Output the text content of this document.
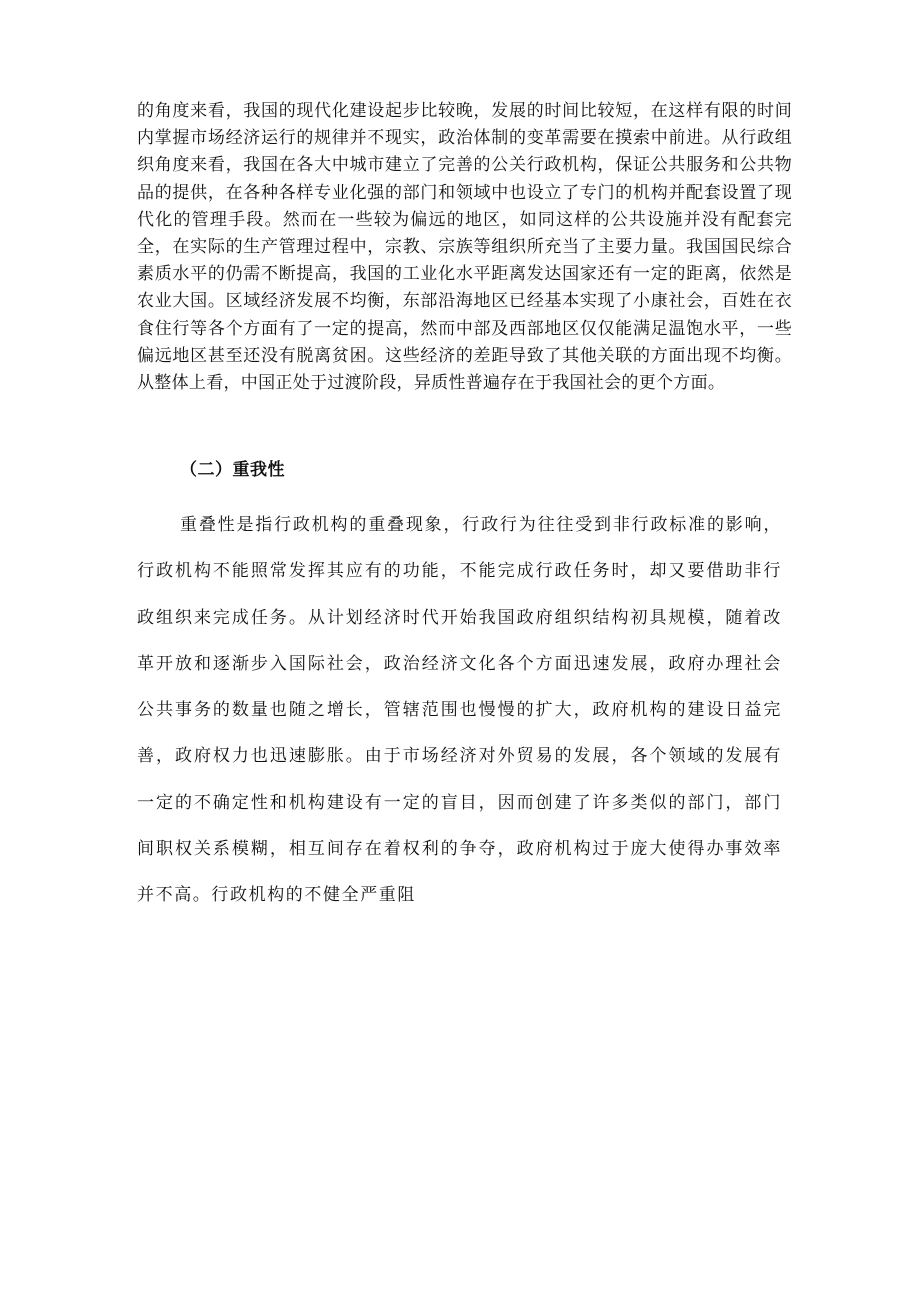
的角度来看，我国的现代化建设起步比较晚，发展的时间比较短，在这样有限的时间内掌握市场经济运行的规律并不现实，政治体制的变革需要在摸索中前进。从行政组织角度来看，我国在各大中城市建立了完善的公关行政机构，保证公共服务和公共物品的提供，在各种各样专业化强的部门和领域中也设立了专门的机构并配套设置了现代化的管理手段。然而在一些较为偏远的地区，如同这样的公共设施并没有配套完全，在实际的生产管理过程中，宗教、宗族等组织所充当了主要力量。我国国民综合素质水平的仍需不断提高，我国的工业化水平距离发达国家还有一定的距离，依然是农业大国。区域经济发展不均衡，东部沿海地区已经基本实现了小康社会，百姓在衣食住行等各个方面有了一定的提高，然而中部及西部地区仅仅能满足温饱水平，一些偏远地区甚至还没有脱离贫困。这些经济的差距导致了其他关联的方面出现不均衡。从整体上看，中国正处于过渡阶段，异质性普遍存在于我国社会的更个方面。

（二）重我性

重叠性是指行政机构的重叠现象，行政行为往往受到非行政标准的影响，行政机构不能照常发挥其应有的功能，不能完成行政任务时，却又要借助非行政组织来完成任务。从计划经济时代开始我国政府组织结构初具规模，随着改革开放和逐渐步入国际社会，政治经济文化各个方面迅速发展，政府办理社会公共事务的数量也随之增长，管辖范围也慢慢的扩大，政府机构的建设日益完善，政府权力也迅速膨胀。由于市场经济对外贸易的发展，各个领域的发展有一定的不确定性和机构建设有一定的盲目，因而创建了许多类似的部门，部门间职权关系模糊，相互间存在着权利的争夺，政府机构过于庞大使得办事效率并不高。行政机构的不健全严重阻
